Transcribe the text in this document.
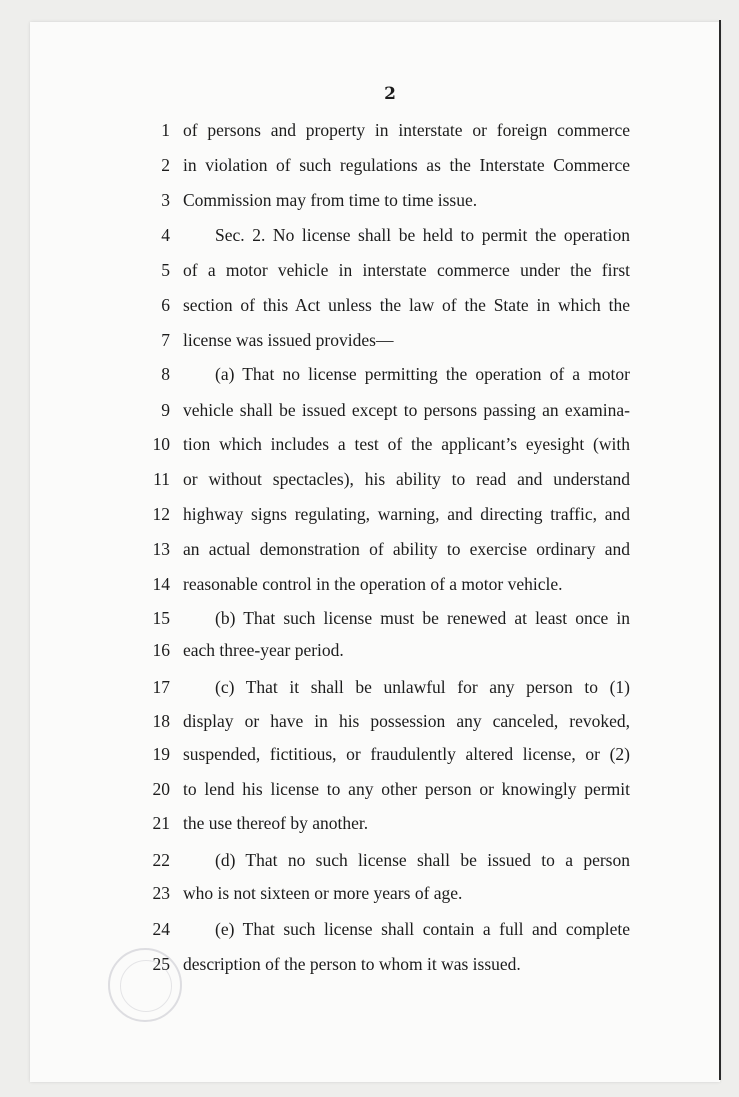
2
1 of persons and property in interstate or foreign commerce
2 in violation of such regulations as the Interstate Commerce
3 Commission may from time to time issue.
4	Sec. 2. No license shall be held to permit the operation
5 of a motor vehicle in interstate commerce under the first
6 section of this Act unless the law of the State in which the
7 license was issued provides—
8	(a) That no license permitting the operation of a motor
9 vehicle shall be issued except to persons passing an examina-
10 tion which includes a test of the applicant’s eyesight (with
11 or without spectacles), his ability to read and understand
12 highway signs regulating, warning, and directing traffic, and
13 an actual demonstration of ability to exercise ordinary and
14 reasonable control in the operation of a motor vehicle.
15	(b) That such license must be renewed at least once in
16 each three-year period.
17	(c) That it shall be unlawful for any person to (1)
18 display or have in his possession any canceled, revoked,
19 suspended, fictitious, or fraudulently altered license, or (2)
20 to lend his license to any other person or knowingly permit
21 the use thereof by another.
22	(d) That no such license shall be issued to a person
23 who is not sixteen or more years of age.
24	(e) That such license shall contain a full and complete
25 description of the person to whom it was issued.
